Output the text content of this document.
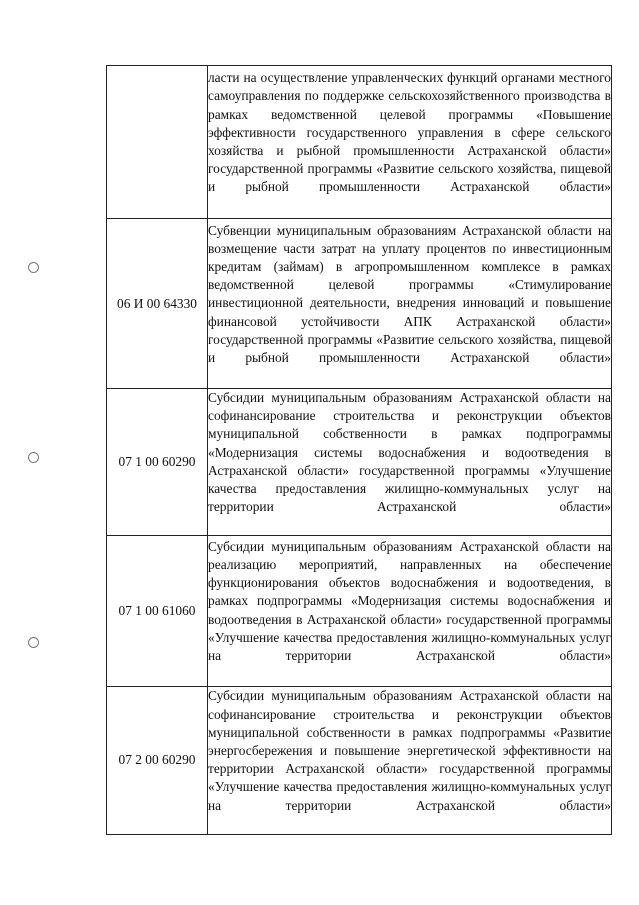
	ласти на осуществление управленческих функций органами местного самоуправления по поддержке сельскохозяйственного производства в рамках ведомственной целевой программы «Повышение эффективности государственного управления в сфере сельского хозяйства и рыбной промышленности Астраханской области» государственной программы «Развитие сельского хозяйства, пищевой и рыбной промышленности Астраханской области»

06 И 00 64330	Субвенции муниципальным образованиям Астраханской области на возмещение части затрат на уплату процентов по инвестиционным кредитам (займам) в агропромышленном комплексе в рамках ведомственной целевой программы «Стимулирование инвестиционной деятельности, внедрения инноваций и повышение финансовой устойчивости АПК Астраханской области» государственной программы «Развитие сельского хозяйства, пищевой и рыбной промышленности Астраханской области»

07 1 00 60290	Субсидии муниципальным образованиям Астраханской области на софинансирование строительства и реконструкции объектов муниципальной собственности в рамках подпрограммы «Модернизация системы водоснабжения и водоотведения в Астраханской области» государственной программы «Улучшение качества предоставления жилищно-коммунальных услуг на территории Астраханской области»

07 1 00 61060	Субсидии муниципальным образованиям Астраханской области на реализацию мероприятий, направленных на обеспечение функционирования объектов водоснабжения и водоотведения, в рамках подпрограммы «Модернизация системы водоснабжения и водоотведения в Астраханской области» государственной программы «Улучшение качества предоставления жилищно-коммунальных услуг на территории Астраханской области»

07 2 00 60290	Субсидии муниципальным образованиям Астраханской области на софинансирование строительства и реконструкции объектов муниципальной собственности в рамках подпрограммы «Развитие энергосбережения и повышение энергетической эффективности на территории Астраханской области» государственной программы «Улучшение качества предоставления жилищно-коммунальных услуг на территории Астраханской области»
